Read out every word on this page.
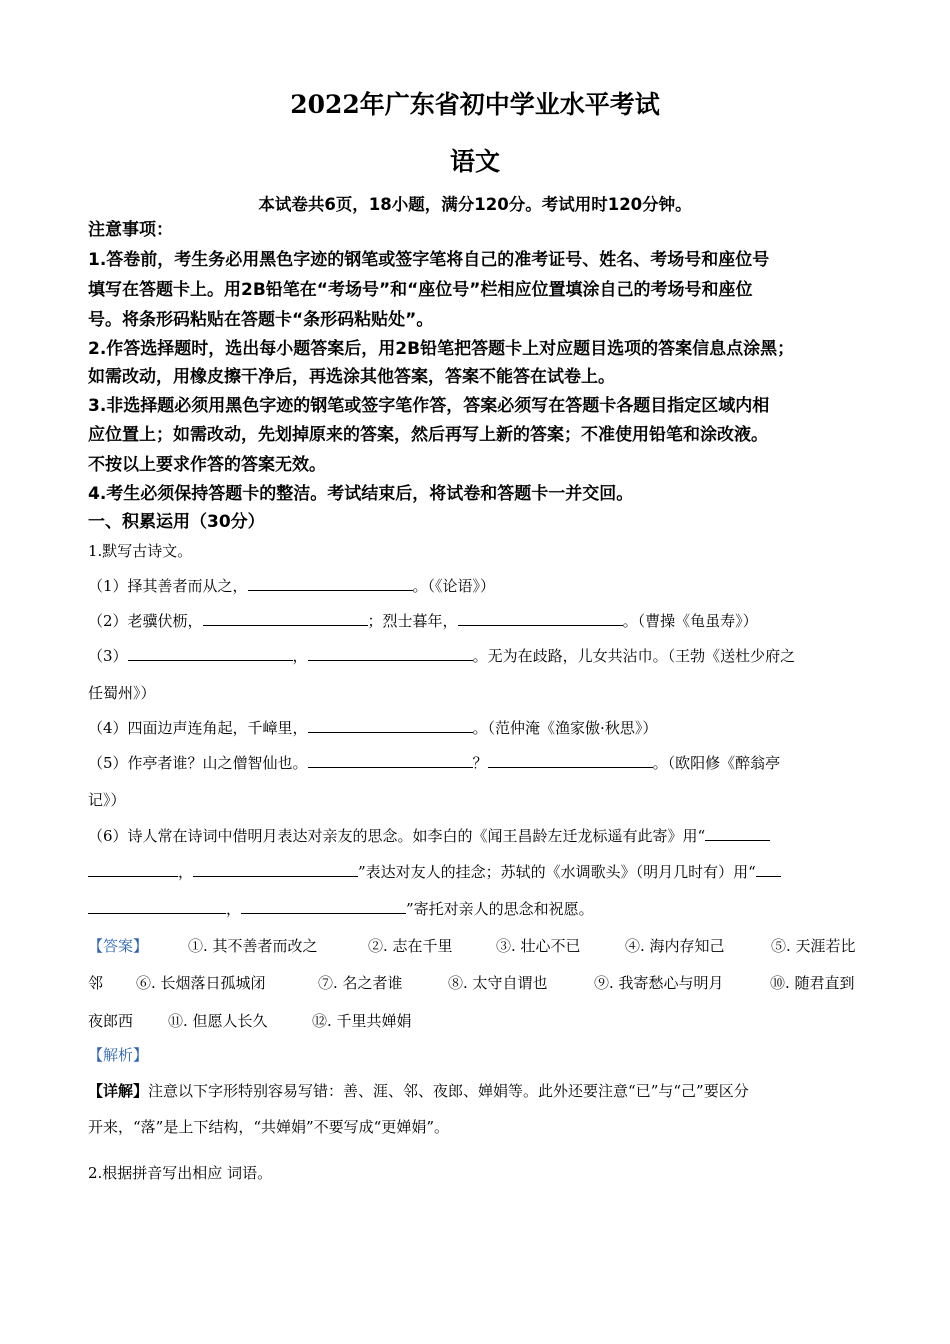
2022年广东省初中学业水平考试
语文
本试卷共6页，18小题，满分120分。考试用时120分钟。
注意事项：
1.答卷前，考生务必用黑色字迹的钢笔或签字笔将自己的准考证号、姓名、考场号和座位号
填写在答题卡上。用2B铅笔在“考场号”和“座位号”栏相应位置填涂自己的考场号和座位
号。将条形码粘贴在答题卡“条形码粘贴处”。
2.作答选择题时，选出每小题答案后，用2B铅笔把答题卡上对应题目选项的答案信息点涂黑；
如需改动，用橡皮擦干净后，再选涂其他答案，答案不能答在试卷上。
3.非选择题必须用黑色字迹的钢笔或签字笔作答，答案必须写在答题卡各题目指定区域内相
应位置上；如需改动，先划掉原来的答案，然后再写上新的答案；不准使用铅笔和涂改液。
不按以上要求作答的答案无效。
4.考生必须保持答题卡的整洁。考试结束后，将试卷和答题卡一并交回。
一、积累运用（30分）
1.默写古诗文。
（1）择其善者而从之，	。（《论语》）
（2）老骥伏枥，	；烈士暮年，	。（曹操《龟虽寿》）
（3）	，	。无为在歧路，儿女共沾巾。（王勃《送杜少府之
任蜀州》）
（4）四面边声连角起，千嶂里，	。（范仲淹《渔家傲·秋思》）
（5）作亭者谁？山之僧智仙也。	？	。（欧阳修《醉翁亭
记》）
（6）诗人常在诗词中借明月表达对亲友的思念。如李白的《闻王昌龄左迁龙标遥有此寄》用“
，	”表达对友人的挂念；苏轼的《水调歌头》（明月几时有）用“
，	”寄托对亲人的思念和祝愿。
【答案】	①. 其不善者而改之	②. 志在千里	③. 壮心不已	④. 海内存知己	⑤. 天涯若比
邻 ⑥. 长烟落日孤城闭	⑦. 名之者谁	⑧. 太守自谓也	⑨. 我寄愁心与明月	⑩. 随君直到
夜郎西 ⑪. 但愿人长久	⑫. 千里共婵娟
【解析】
【详解】注意以下字形特别容易写错：善、涯、邻、夜郎、婵娟等。此外还要注意“已”与“己”要区分
开来，“落”是上下结构，“共婵娟”不要写成“更婵娟”。
2.根据拼音写出相应 词语。
